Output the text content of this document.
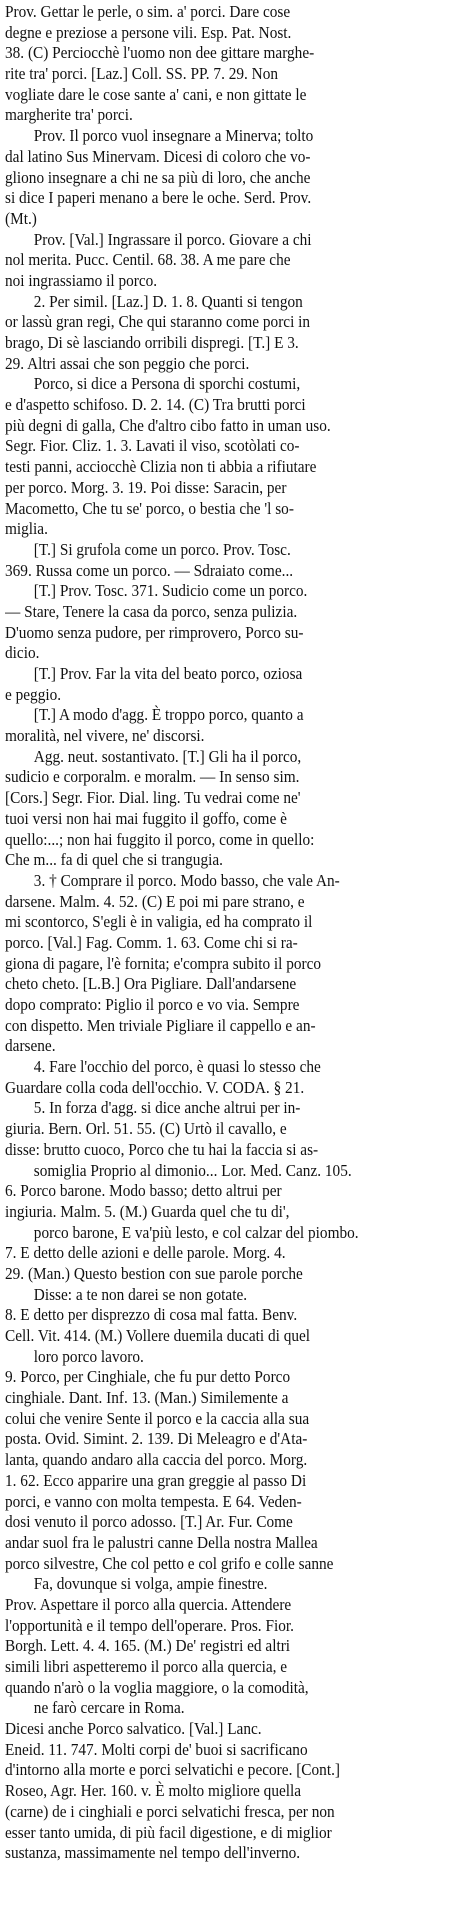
Prov. Gettar le perle, o sim. a' porci. Dare cose
degne e preziose a persone vili. Esp. Pat. Nost.
38. (C) Perciocchè l'uomo non dee gittare marghe-
rite tra' porci. [Laz.] Coll. SS. PP. 7. 29. Non
vogliate dare le cose sante a' cani, e non gittate le
margherite tra' porci.
Prov. Il porco vuol insegnare a Minerva; tolto
dal latino Sus Minervam. Dicesi di coloro che vo-
gliono insegnare a chi ne sa più di loro, che anche
si dice I paperi menano a bere le oche. Serd. Prov.
(Mt.)
Prov. [Val.] Ingrassare il porco. Giovare a chi
nol merita. Pucc. Centil. 68. 38. A me pare che
noi ingrassiamo il porco.
2. Per simil. [Laz.] D. 1. 8. Quanti si tengon
or lassù gran regi, Che qui staranno come porci in
brago, Di sè lasciando orribili dispregi. [T.] E 3.
29. Altri assai che son peggio che porci.
Porco, si dice a Persona di sporchi costumi,
e d'aspetto schifoso. D. 2. 14. (C) Tra brutti porci
più degni di galla, Che d'altro cibo fatto in uman uso.
Segr. Fior. Cliz. 1. 3. Lavati il viso, scotòlati co-
testi panni, acciocchè Clizia non ti abbia a rifiutare
per porco. Morg. 3. 19. Poi disse: Saracin, per
Macometto, Che tu se' porco, o bestia che 'l so-
miglia.
[T.] Si grufola come un porco. Prov. Tosc.
369. Russa come un porco. — Sdraiato come...
[T.] Prov. Tosc. 371. Sudicio come un porco.
— Stare, Tenere la casa da porco, senza pulizia.
D'uomo senza pudore, per rimprovero, Porco su-
dicio.
[T.] Prov. Far la vita del beato porco, oziosa
e peggio.
[T.] A modo d'agg. È troppo porco, quanto a
moralità, nel vivere, ne' discorsi.
Agg. neut. sostantivato. [T.] Gli ha il porco,
sudicio e corporalm. e moralm. — In senso sim.
[Cors.] Segr. Fior. Dial. ling. Tu vedrai come ne'
tuoi versi non hai mai fuggito il goffo, come è
quello:...; non hai fuggito il porco, come in quello:
Che m... fa di quel che si trangugia.
3. † Comprare il porco. Modo basso, che vale An-
darsene. Malm. 4. 52. (C) E poi mi pare strano, e
mi scontorco, S'egli è in valigia, ed ha comprato il
porco. [Val.] Fag. Comm. 1. 63. Come chi si ra-
giona di pagare, l'è fornita; e'compra subito il porco
cheto cheto. [L.B.] Ora Pigliare. Dall'andarsene
dopo comprato: Piglio il porco e vo via. Sempre
con dispetto. Men triviale Pigliare il cappello e an-
darsene.
4. Fare l'occhio del porco, è quasi lo stesso che
Guardare colla coda dell'occhio. V. CODA. § 21.
5. In forza d'agg. si dice anche altrui per in-
giuria. Bern. Orl. 51. 55. (C) Urtò il cavallo, e
disse: brutto cuoco, Porco che tu hai la faccia si as-
somiglia Proprio al dimonio... Lor. Med. Canz. 105.
6. Porco barone. Modo basso; detto altrui per
ingiuria. Malm. 5. (M.) Guarda quel che tu di',
porco barone, E va'più lesto, e col calzar del piombo.
7. E detto delle azioni e delle parole. Morg. 4.
29. (Man.) Questo bestion con sue parole porche
Disse: a te non darei se non gotate.
8. E detto per disprezzo di cosa mal fatta. Benv.
Cell. Vit. 414. (M.) Vollere duemila ducati di quel
loro porco lavoro.
9. Porco, per Cinghiale, che fu pur detto Porco
cinghiale. Dant. Inf. 13. (Man.) Similemente a
colui che venire Sente il porco e la caccia alla sua
posta. Ovid. Simint. 2. 139. Di Meleagro e d'Ata-
lanta, quando andaro alla caccia del porco. Morg.
1. 62. Ecco apparire una gran greggie al passo Di
porci, e vanno con molta tempesta. E 64. Veden-
dosi venuto il porco adosso. [T.] Ar. Fur. Come
andar suol fra le palustri canne Della nostra Mallea
porco silvestre, Che col petto e col grifo e colle sanne
Fa, dovunque si volga, ampie finestre.
Prov. Aspettare il porco alla quercia. Attendere
l'opportunità e il tempo dell'operare. Pros. Fior.
Borgh. Lett. 4. 4. 165. (M.) De' registri ed altri
simili libri aspetteremo il porco alla quercia, e
quando n'arò o la voglia maggiore, o la comodità,
ne farò cercare in Roma.
Dicesi anche Porco salvatico. [Val.] Lanc.
Eneid. 11. 747. Molti corpi de' buoi si sacrificano
d'intorno alla morte e porci selvatichi e pecore. [Cont.]
Roseo, Agr. Her. 160. v. È molto migliore quella
(carne) de i cinghiali e porci selvatichi fresca, per non
esser tanto umida, di più facil digestione, e di miglior
sustanza, massimamente nel tempo dell'inverno.
